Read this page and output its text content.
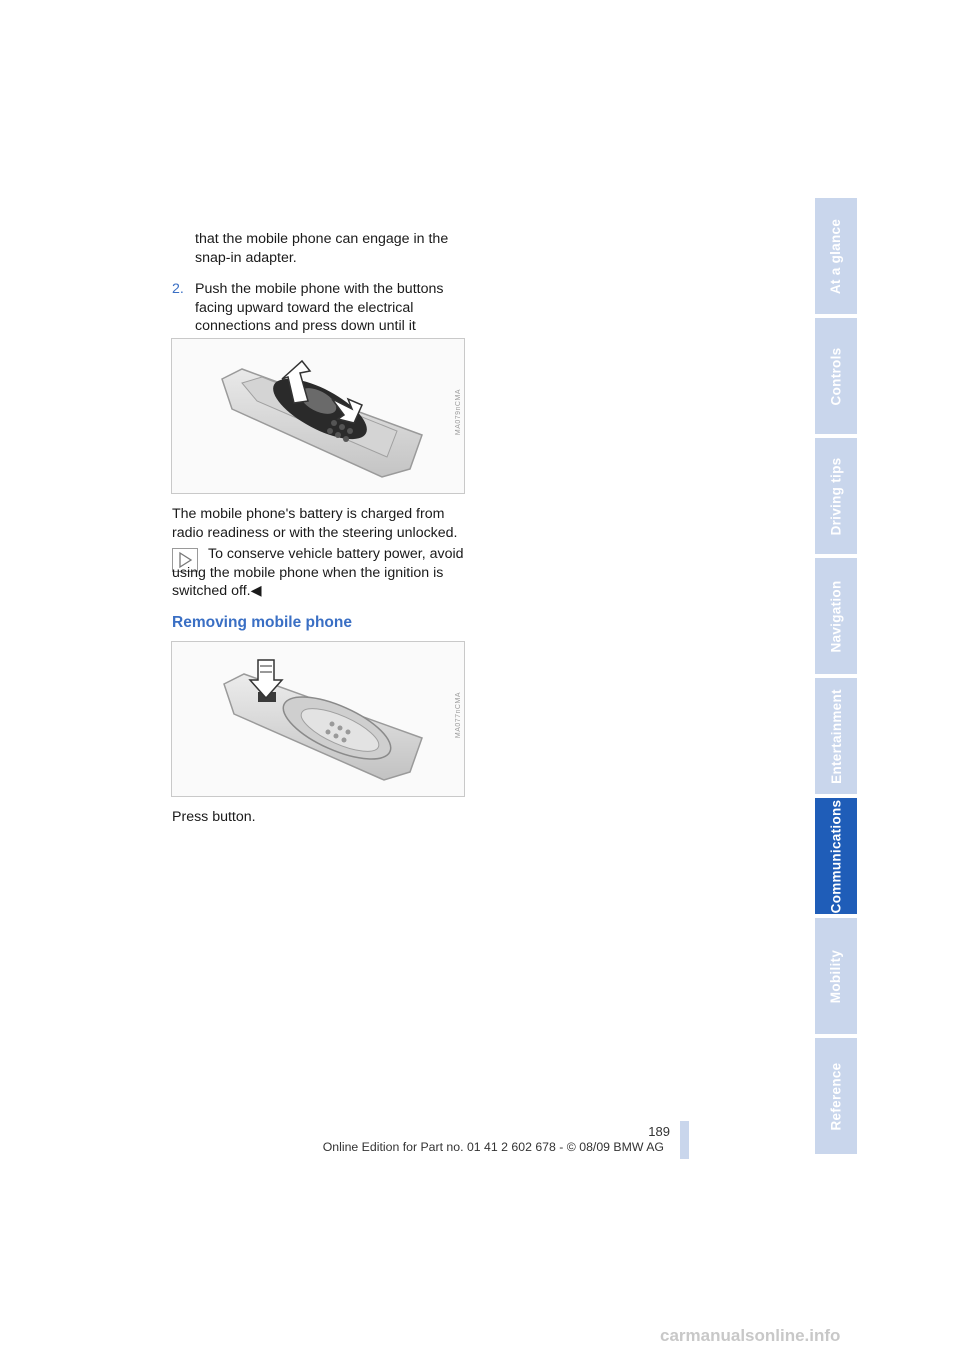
that the mobile phone can engage in the snap-in adapter.

2. Push the mobile phone with the buttons facing upward toward the electrical connections and press down until it
MA079nCMA

The mobile phone's battery is charged from radio readiness or with the steering unlocked.

To conserve vehicle battery power, avoid using the mobile phone when the ignition is switched off.◀

Removing mobile phone
MA077nCMA

Press button.

At a glance
Controls
Driving tips
Navigation
Entertainment
Communications
Mobility
Reference
189
Online Edition for Part no. 01 41 2 602 678 - © 08/09 BMW AG
carmanualsonline.info
